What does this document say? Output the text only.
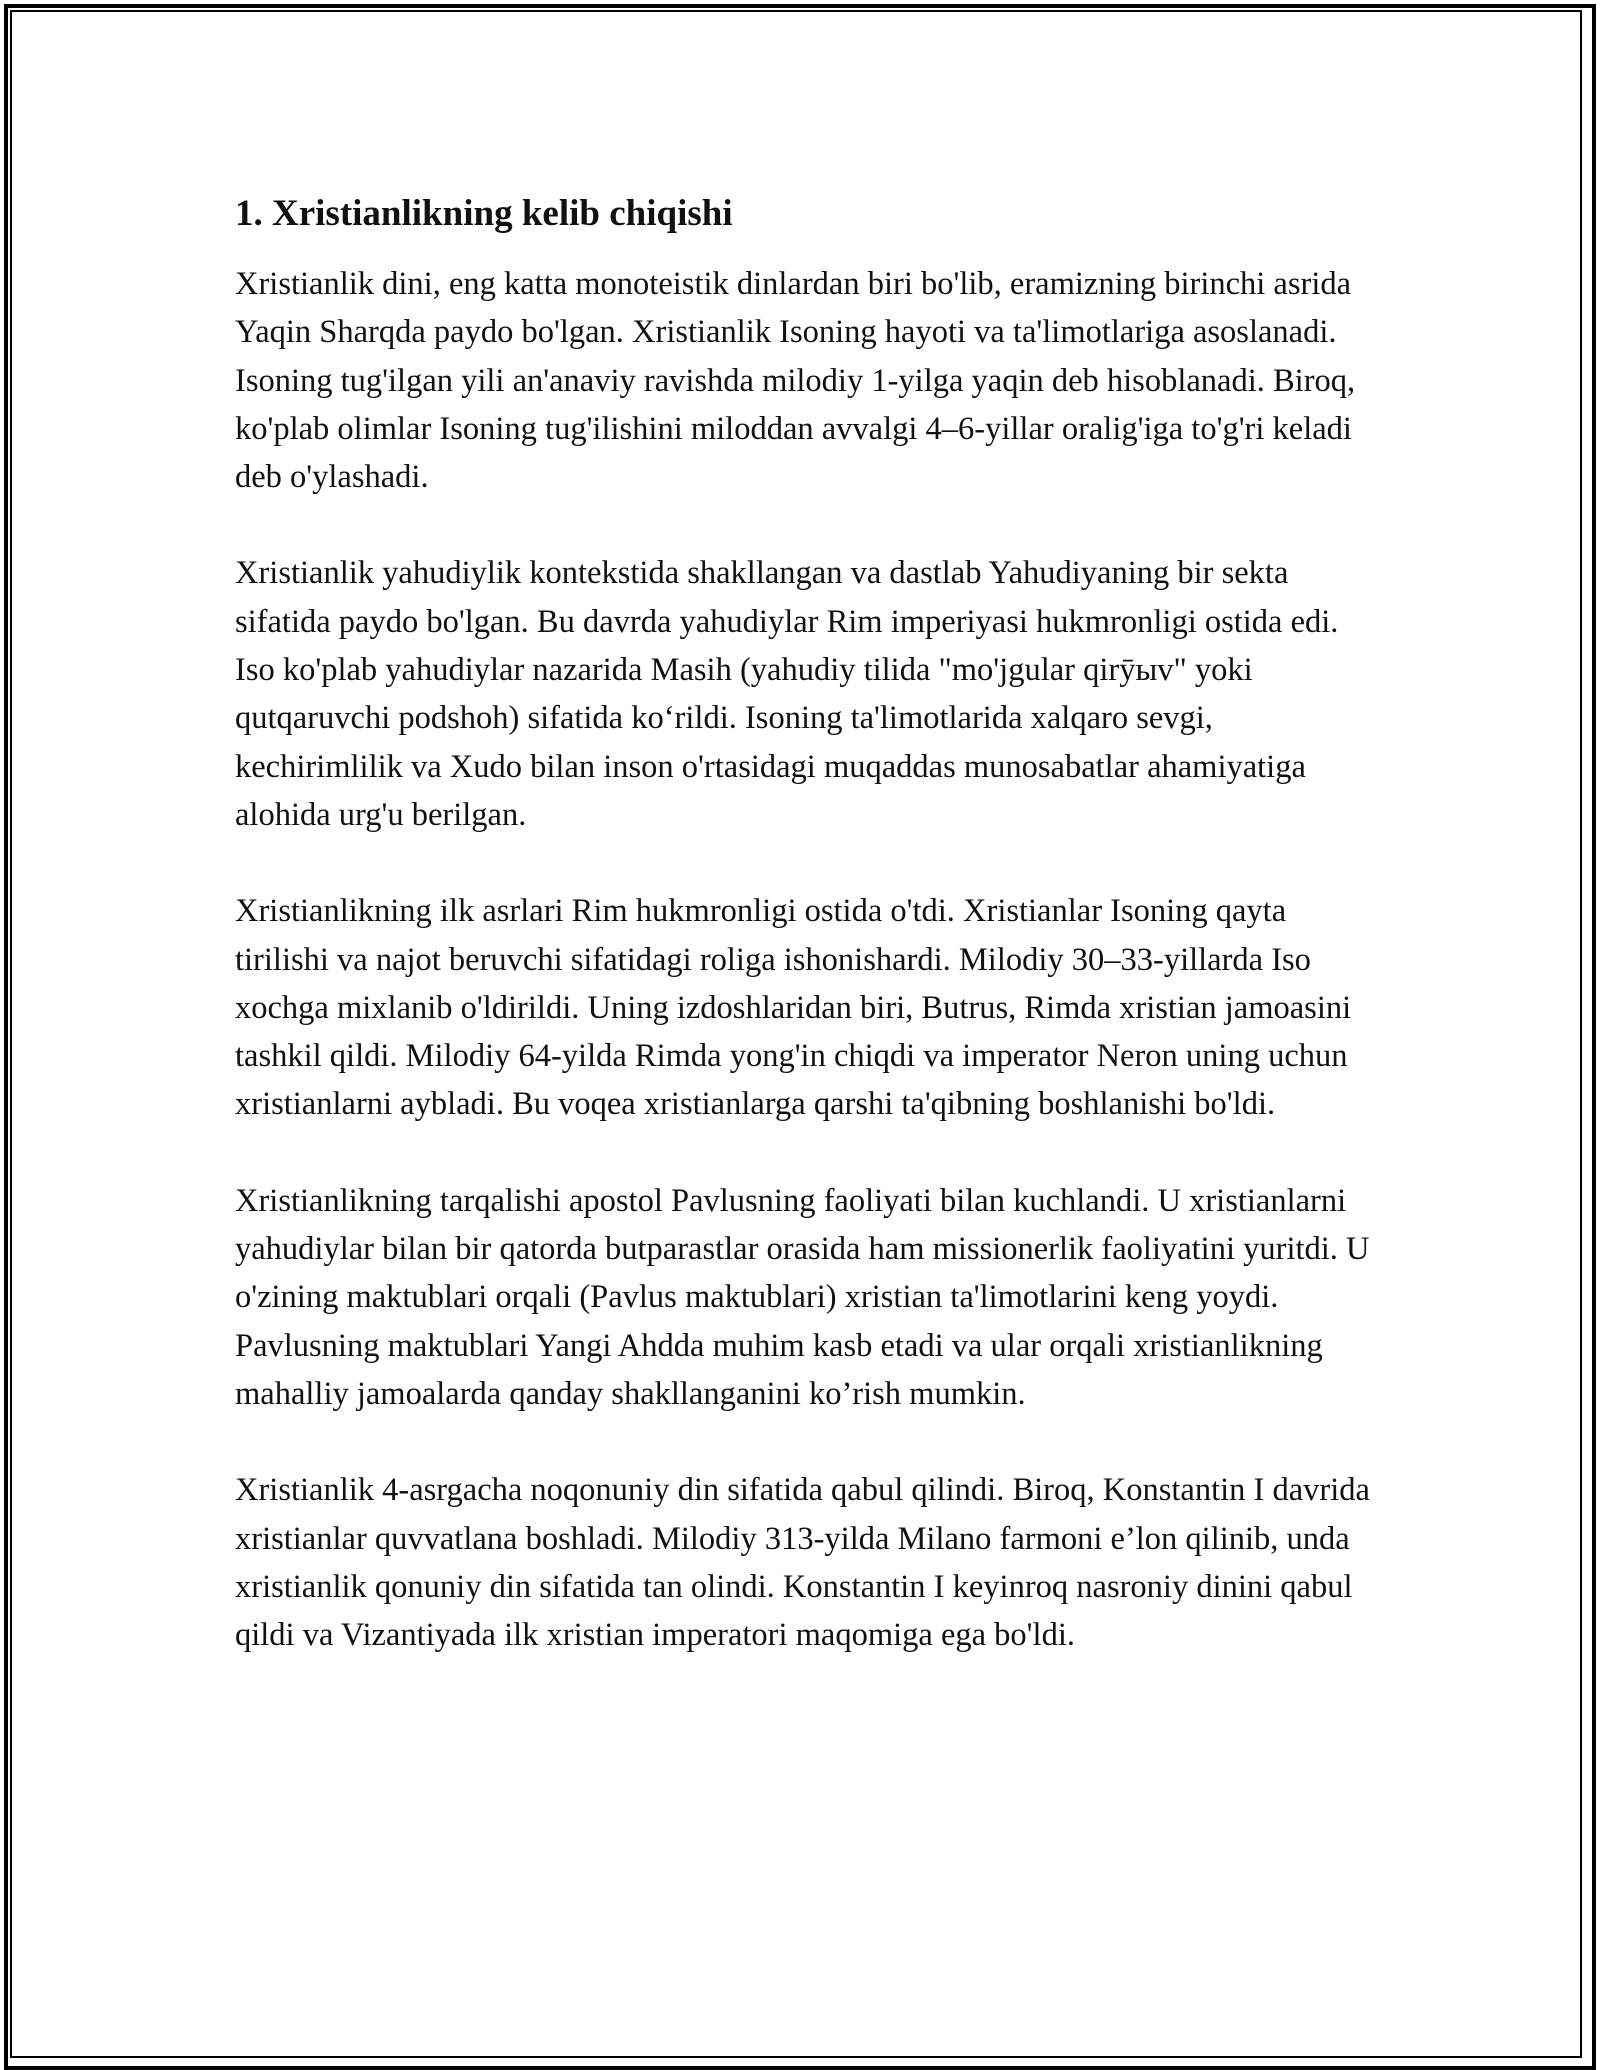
1. Xristianlikning kelib chiqishi

Xristianlik dini, eng katta monoteistik dinlardan biri bo'lib, eramizning birinchi asrida Yaqin Sharqda paydo bo'lgan. Xristianlik Isoning hayoti va ta'limotlariga asoslanadi. Isoning tug'ilgan yili an'anaviy ravishda milodiy 1-yilga yaqin deb hisoblanadi. Biroq, ko'plab olimlar Isoning tug'ilishini miloddan avvalgi 4–6-yillar oralig'iga to'g'ri keladi deb o'ylashadi.

Xristianlik yahudiylik kontekstida shakllangan va dastlab Yahudiyaning bir sekta sifatida paydo bo'lgan. Bu davrda yahudiylar Rim imperiyasi hukmronligi ostida edi. Iso ko'plab yahudiylar nazarida Masih (yahudiy tilida "mo'jgular qirӯыv" yoki qutqaruvchi podshoh) sifatida ko‘rildi. Isoning ta'limotlarida xalqaro sevgi, kechirimlilik va Xudo bilan inson o'rtasidagi muqaddas munosabatlar ahamiyatiga alohida urg'u berilgan.

Xristianlikning ilk asrlari Rim hukmronligi ostida o'tdi. Xristianlar Isoning qayta tirilishi va najot beruvchi sifatidagi roliga ishonishardi. Milodiy 30–33-yillarda Iso xochga mixlanib o'ldirildi. Uning izdoshlaridan biri, Butrus, Rimda xristian jamoasini tashkil qildi. Milodiy 64-yilda Rimda yong'in chiqdi va imperator Neron uning uchun xristianlarni aybladi. Bu voqea xristianlarga qarshi ta'qibning boshlanishi bo'ldi.

Xristianlikning tarqalishi apostol Pavlusning faoliyati bilan kuchlandi. U xristianlarni yahudiylar bilan bir qatorda butparastlar orasida ham missionerlik faoliyatini yuritdi. U o'zining maktublari orqali (Pavlus maktublari) xristian ta'limotlarini keng yoydi. Pavlusning maktublari Yangi Ahdda muhim kasb etadi va ular orqali xristianlikning mahalliy jamoalarda qanday shakllanganini ko’rish mumkin.

Xristianlik 4-asrgacha noqonuniy din sifatida qabul qilindi. Biroq, Konstantin I davrida xristianlar quvvatlana boshladi. Milodiy 313-yilda Milano farmoni e’lon qilinib, unda xristianlik qonuniy din sifatida tan olindi. Konstantin I keyinroq nasroniy dinini qabul qildi va Vizantiyada ilk xristian imperatori maqomiga ega bo'ldi.
